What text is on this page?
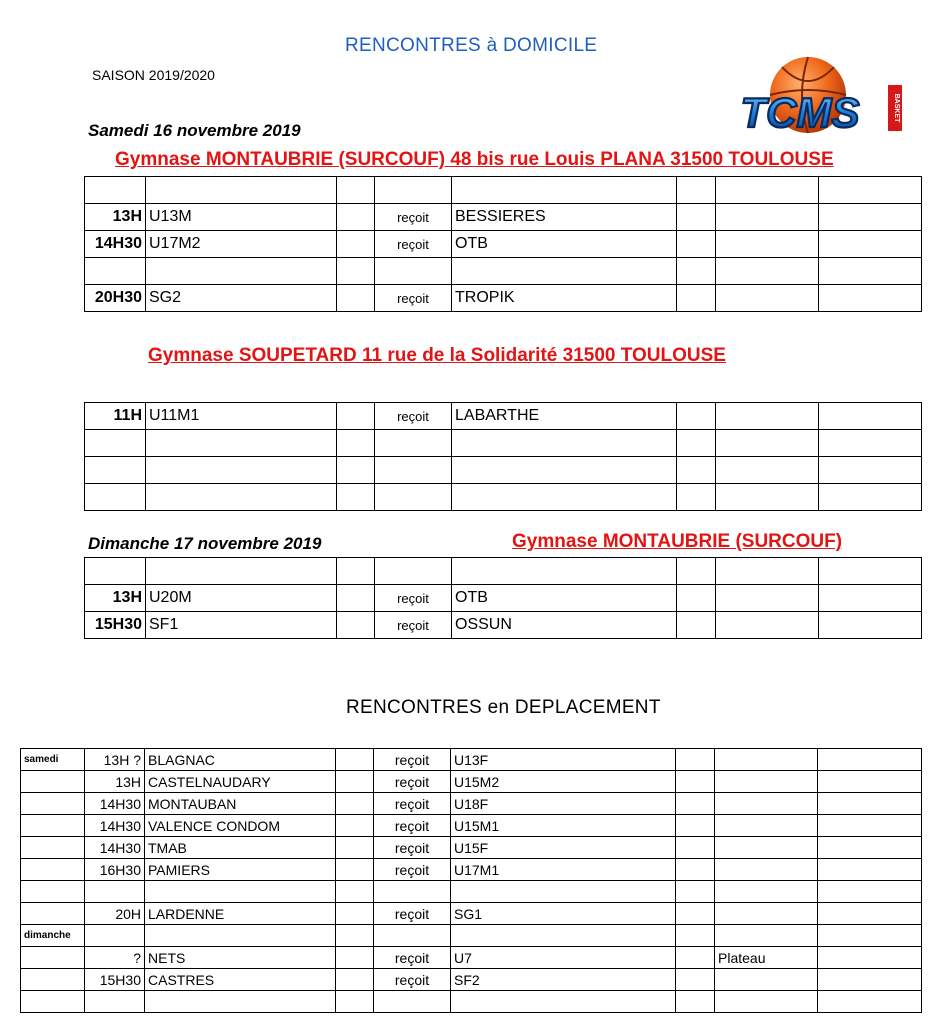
RENCONTRES à DOMICILE
SAISON 2019/2020
BASKET
TCMS
Samedi 16 novembre 2019
Gymnase MONTAUBRIE (SURCOUF) 48 bis rue Louis PLANA 31500 TOULOUSE

13H	U13M		reçoit	BESSIERES			
14H30	U17M2		reçoit	OTB			

20H30	SG2		reçoit	TROPIK			
Gymnase SOUPETARD 11 rue de la Solidarité 31500 TOULOUSE
11H	U11M1		reçoit	LABARTHE			

Dimanche 17 novembre 2019	Gymnase MONTAUBRIE (SURCOUF)

13H	U20M		reçoit	OTB			
15H30	SF1		reçoit	OSSUN			
RENCONTRES en DEPLACEMENT
samedi	13H ?	BLAGNAC		reçoit	U13F			
	13H	CASTELNAUDARY		reçoit	U15M2			
	14H30	MONTAUBAN		reçoit	U18F			
	14H30	VALENCE CONDOM		reçoit	U15M1			
	14H30	TMAB		reçoit	U15F			
	16H30	PAMIERS		reçoit	U17M1			

	20H	LARDENNE		reçoit	SG1			
dimanche								
	?	NETS		reçoit	U7		Plateau	
	15H30	CASTRES		reçoit	SF2			
